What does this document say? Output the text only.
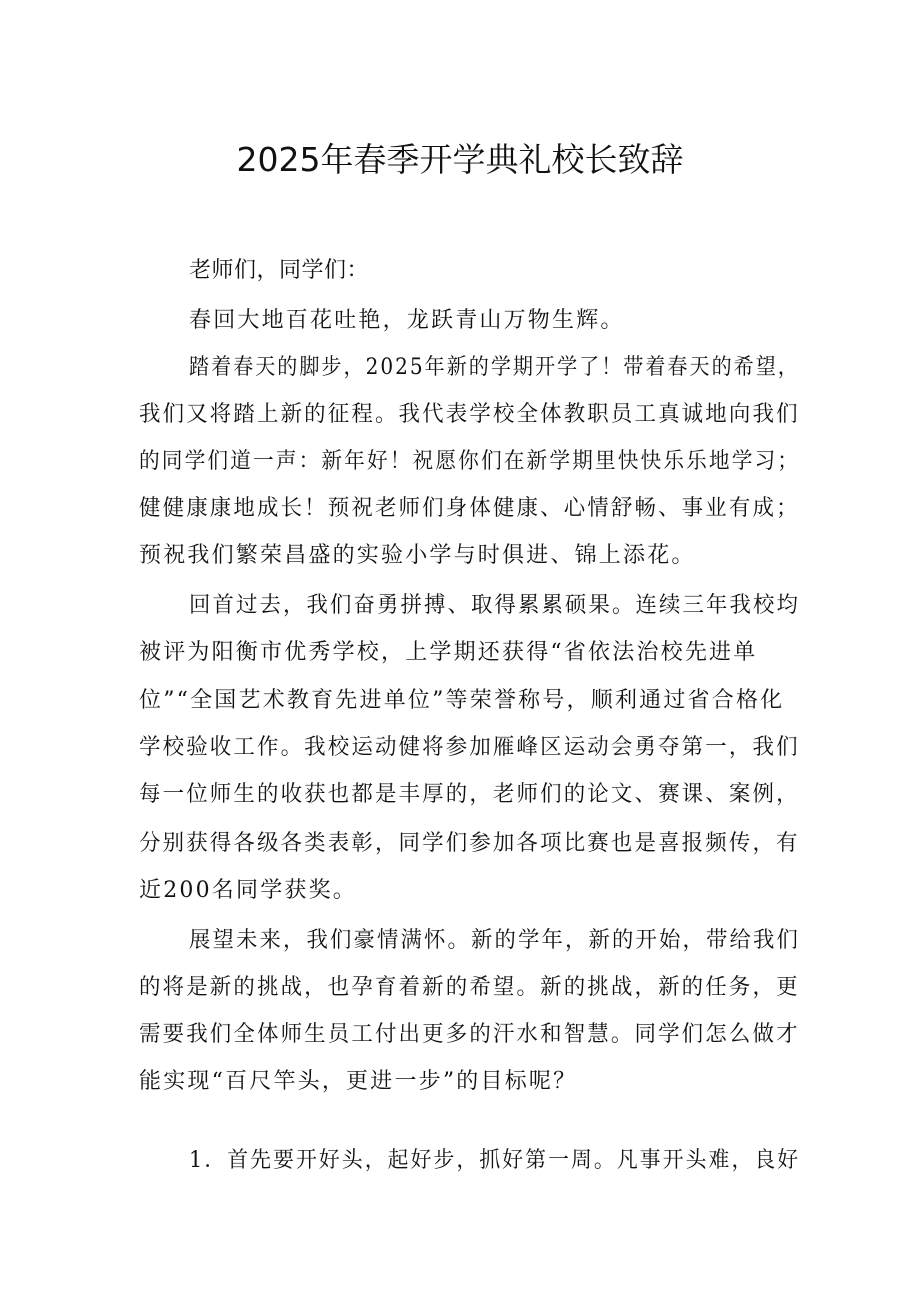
2025年春季开学典礼校长致辞
老师们，同学们：
春回大地百花吐艳，龙跃青山万物生辉。
踏着春天的脚步，2025年新的学期开学了！带着春天的希望，
我们又将踏上新的征程。我代表学校全体教职员工真诚地向我们
的同学们道一声：新年好！祝愿你们在新学期里快快乐乐地学习；
健健康康地成长！预祝老师们身体健康、心情舒畅、事业有成；
预祝我们繁荣昌盛的实验小学与时俱进、锦上添花。
回首过去，我们奋勇拼搏、取得累累硕果。连续三年我校均
被评为阳衡市优秀学校，上学期还获得“省依法治校先进单
位”“全国艺术教育先进单位”等荣誉称号，顺利通过省合格化
学校验收工作。我校运动健将参加雁峰区运动会勇夺第一，我们
每一位师生的收获也都是丰厚的，老师们的论文、赛课、案例，
分别获得各级各类表彰，同学们参加各项比赛也是喜报频传，有
近200名同学获奖。
展望未来，我们豪情满怀。新的学年，新的开始，带给我们
的将是新的挑战，也孕育着新的希望。新的挑战，新的任务，更
需要我们全体师生员工付出更多的汗水和智慧。同学们怎么做才
能实现“百尺竿头，更进一步”的目标呢？
1．首先要开好头，起好步，抓好第一周。凡事开头难，良好
